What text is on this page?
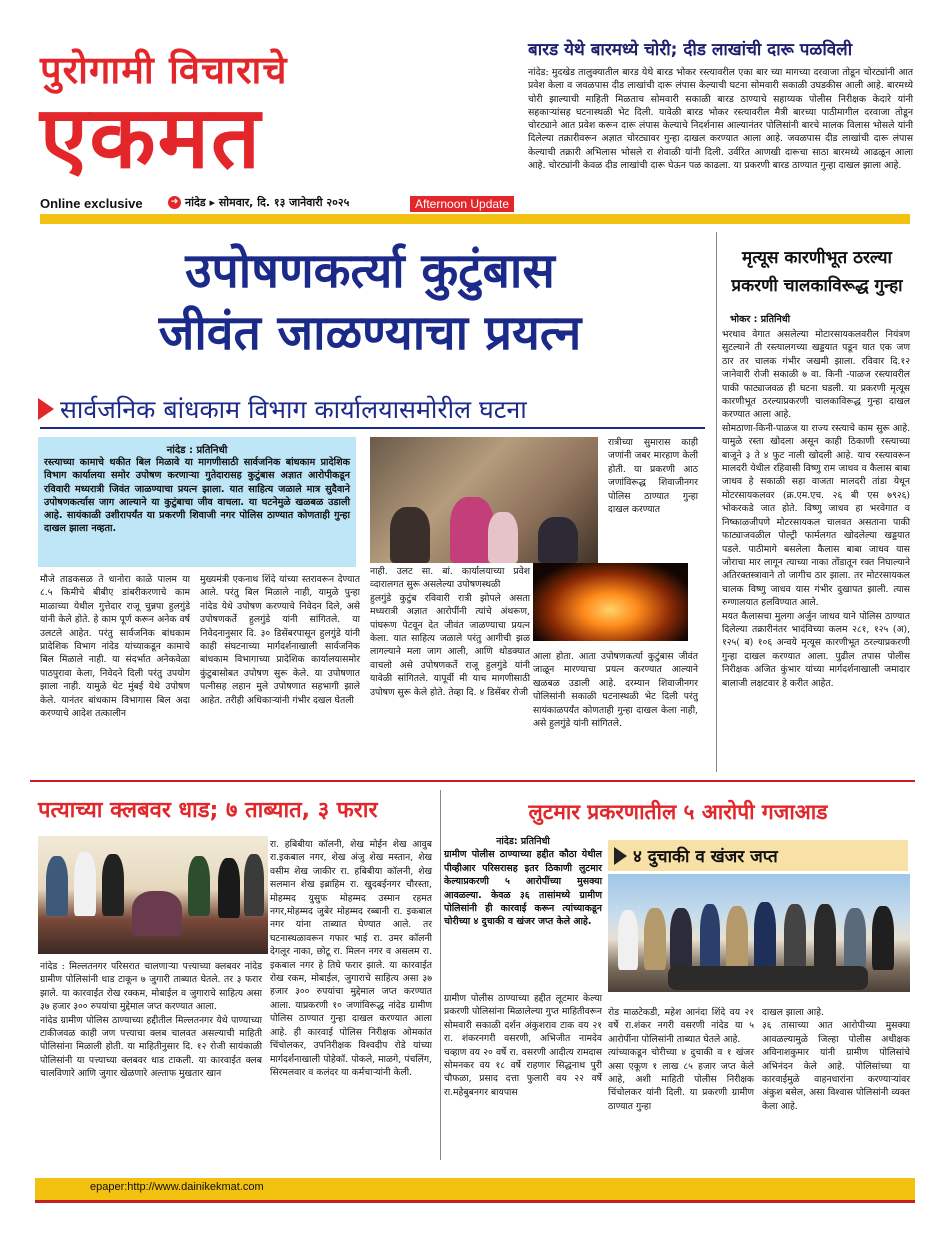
पुरोगामी विचाराचे
एकमत
Online exclusive	➜ नांदेड ▸ सोमवार, दि. १३ जानेवारी २०२५	Afternoon Update
बारड येथे बारमध्ये चोरी; दीड लाखांची दारू पळविली
नांदेड: मुदखेड तालुक्यातील बारड येथे बारड भोकर रस्त्यावरील एका बार च्या मागच्या दरवाजा तोडून चोरट्यांनी आत प्रवेश केला व जवळपास दीड लाखांची दारू लंपास केल्याची घटना सोमवारी सकाळी उघडकीस आली आहे. बारमध्ये चोरी झाल्याची माहिती मिळताच सोमवारी सकाळी बारड ठाण्याचे सहाय्यक पोलीस निरीक्षक केदारे यांनी सहकाऱ्यांसह घटनास्थळी भेट दिली. यावेळी बारड भोकर रस्त्यावरील मैत्री बारच्या पाठीमागील दरवाजा तोडून चोरट्याने आत प्रवेश करून दारू लंपास केल्याचे निदर्शनास आल्यानंतर पोलिसांनी बारचे मालक विलास भोसले यांनी दिलेल्या तक्रारीवरून अज्ञात चोरट्यावर गुन्हा दाखल करण्यात आला आहे. जवळपास दीड लाखांची दारू लंपास केल्याची तक्रारी अभिलास भोसले रा शेवाळी यांनी दिली. उर्वरित आणखी दारूचा साठा बारमध्ये आढळून आला आहे. चोरट्यांनी केवळ दीड लाखांची दारू घेऊन पळ काढला. या प्रकरणी बारड ठाण्यात गुन्हा दाखल झाला आहे.
उपोषणकर्त्या कुटुंबास
जीवंत जाळण्याचा प्रयत्न
सार्वजनिक बांधकाम विभाग कार्यालयासमोरील घटना
नांदेड : प्रतिनिधी
रस्त्याच्या कामाचे थकीत बिल मिळावे या मागणीसाठी सार्वजनिक बांधकाम प्रादेशिक विभाग कार्यालया समोर उपोषण करणाऱ्या गुतेदारासह कुटुंबास अज्ञात आरोपीकडून रविवारी मध्यरात्री जिवंत जाळण्याचा प्रयत्न झाला. यात साहित्य जळाले मात्र सुदैवाने उपोषणकर्त्यास जाग आल्याने या कुटुंबाचा जीव वाचला. या घटनेमुळे खळबळ उडाली आहे. सायंकाळी उशीरापर्यंत या प्रकरणी शिवाजी नगर पोलिस ठाण्यात कोणताही गुन्हा दाखल झाला नव्हता.
मौजे ताडकसळ ते धानोरा काळे पालम या ८.५ किमीचे बीबीए डांबरीकरणाचे काम माळाच्या येथील गुत्तेदार राजू चुन्नपा हुलगुंडे यांनी केले होते. हे काम पूर्ण करून अनेक वर्ष उलटले आहेत. परंतु सार्वजनिक बांधकाम प्रादेशिक विभाग नांदेड यांच्याकडून कामाचे बिल मिळाले नाही. या संदर्भात अनेकवेळा पाठपुरावा केला, निवेदने दिली परंतु उपयोग झाला नाही. यामुळे थेट मुंबई येथे उपोषण केले. यानंतर बांधकाम विभागास बिल अदा करण्याचे आदेश तत्कालीन
मुख्यमंत्री एकनाथ शिंदे यांच्या स्तरावरून देण्यात आले. परंतु बिल मिळाले नाही, यामुळे पुन्हा नांदेड येथे उपोषण करण्याचे निवेदन दिले, असे उपोषणकर्ते हुलगुंडे यांनी सांगितले. या निवेदनानुसार दि. ३० डिसेंबरपासून हुलगुंडे यांनी काही संघटनाच्या मार्गदर्शनाखाली सार्वजनिक बांधकाम विभागाच्या प्रादेशिक कार्यालयासमोर कुंटुबासोबत उपोषण सुरू केले. या उपोषणात पत्नीसह लहान मुले उपोषणात सहभागी झाले आहेत. तरीही अधिकाऱ्यांनी गंभीर दखल घेतली
नाही. उलट सा. बां. कार्यालयाच्या प्रवेश व्दारालगत सुरू असलेल्या उपोषणस्थळी
हुलगुंडे कुटुंब रविवारी रात्री झोपले असता मध्यरात्री अज्ञात आरोपींनी त्यांचे अंथरूण, पांघरूण पेटवून देत जीवंत जाळण्याचा प्रयत्न केला. यात साहित्य जळाले परंतु आगीची झळ लागल्याने मला जाग आली, आणि थोडक्यात वाचलो असे उपोषणकर्ते राजू हुलगुंडे यांनी यावेळी सांगितले. यापूर्वी मी याच मागणीसाठी उपोषण सुरू केले होते. तेव्हा दि. ४ डिसेंबर रोजी
रात्रीच्या सुमारास काही जणांनी जबर मारहाण केली होती. या प्रकरणी आठ जणांविरूद्ध शिवाजीनगर पोलिस ठाण्यात गुन्हा दाखल करण्यात
आला होता. आता उपोषणकर्त्या कुटुंबास जीवंत जाळून मारण्याचा प्रयत्न करण्यात आल्याने खळबळ उडाली आहे. दरम्यान शिवाजीनगर पोलिसांनी सकाळी घटनास्थळी भेट दिली परंतु सायंकाळपर्यंत कोणताही गुन्हा दाखल केला नाही, असे हुलगुंडे यांनी सांगितले.
मृत्यूस कारणीभूत ठरल्या प्रकरणी चालकाविरूद्ध गुन्हा
भोकर : प्रतिनिधी
भरधाव वेगात असलेल्या मोटारसायकलवरील नियंत्रण सुटल्याने ती रस्त्यालगच्या खड्डयात पडून यात एक जण ठार तर चालक गंभीर जखमी झाला. रविवार दि.१२ जानेवारी रोजी सकाळी ७ वा. किनी -पाळज रस्त्यावरील पाकी फाट्याजवळ ही घटना घडली. या प्रकरणी मृत्यूस कारणीभूत ठरल्याप्रकरणी चालकाविरूद्ध गुन्हा दाखल करण्यात आला आहे.
सोमठाणा-किनी-पाळज या राज्य रस्त्याचे काम सुरू आहे. यामुळे रस्ता खोदला असून काही ठिकाणी रस्त्याच्या बाजूने ३ ते ४ फुट नाली खोदली आहे. याच रस्त्यावरून मालदरी येथील रहिवासी विष्णु राम जाधव व कैलास बाबा जाधव हे सकाळी सहा वाजता मालदरी तांडा येथून मोटरसायकलवर (क्र.एम.एच. २६ बी एस ७९२६) भोकरकडे जात होते. विष्णु जाधव हा भरवेगात व निष्काळजीपणे मोटरसायकल चालवत असताना पाकी फाट्याजवळील पोल्ट्री फार्मलगत खोदलेल्या खड्डयात पडले. पाठीमागे बसलेला कैलास बाबा जाधव यास जोराचा मार लागून त्याच्या नाका तोंडातून रक्त निघाल्याने अतिरक्तस्त्रावाने तो जागीच ठार झाला. तर मोटरसायकल चालक विष्णु जाधव यास गंभीर दुखापत झाली. त्यास रुग्णालयात हलविण्यात आले.
मयत कैलासचा मुलगा अर्जुन जाधव याने पोलिस ठाण्यात दिलेल्या तक्रारीनंतर भादंविच्या कलम २८१, १२५ (अ), १२५( ब) १०६ अन्वये मृत्यूस कारणीभूत ठरल्याप्रकरणी गुन्हा दाखल करण्यात आला. पुढील तपास पोलीस निरीक्षक अजित कुंभार यांच्या मार्गदर्शनाखाली जमादार बालाजी लक्षटवार हे करीत आहेत.
पत्याच्या क्लबवर धाड; ७ ताब्यात, ३ फरार
नांदेड : मिल्लतनगर परिसरात चालणाऱ्या पत्त्याच्या क्लबवर नांदेड ग्रामीण पोलिसांनी धाड टाकून ७ जुगारी ताब्यात घेतले. तर ३ फरार झाले. या कारवाईत रोख रक्कम, मोबाईल व जुगाराचे साहित्य असा ३७ हजार ३०० रुपयांचा मुद्देमाल जप्त करण्यात आला.
नांदेड ग्रामीण पोलिस ठाण्याच्या हद्दीतील मिल्लतनगर येथे पाण्याच्या टाकीजवळ काही जण पत्त्याचा क्लब चालवत असल्याची माहिती पोलिसांना मिळाली होती. या माहितीनुसार दि. १२ रोजी सायंकाळी पोलिसांनी या पत्त्याच्या क्लबवर धाड टाकली. या कारवाईत क्लब चालविणारे आणि जुगार खेळणारे अल्ताफ मुखतार खान
रा. हबिबीया कॉलनी, शेख मोईन शेख आवुब रा.इकबाल नगर, शेख अंजु शेख मस्तान, शेख वसीम शेख जाकीर रा. हबिबीया कॉलनी, शेख सलमान शेख इब्राहिम रा. खुदबईनगर चौरस्ता, मोहम्मद युसुफ मोहम्मद उस्मान रहमत नगर,मोहम्मद जुबेर मोहम्मद रब्बानी रा. इकबाल नगर यांना ताब्यात घेण्यात आले. तर घटनास्थळावरून गफार भाई रा. उमर कॉलनी देगलूर नाका, छोटू रा. मिलन नगर व असलम रा. इकबाल नगर हे तिघे फरार झाले. या कारवाईत रोख रकम, मोबाईल, जुगाराचे साहित्य असा ३७ हजार ३०० रुपयांचा मुद्देमाल जप्त करण्यात आला. याप्रकरणी १० जणांविरूद्ध नांदेड ग्रामीण पोलिस ठाण्यात गुन्हा दाखल करण्यात आला आहे. ही कारवाई पोलिस निरीक्षक ओमकांत चिंचोलकर, उपनिरीक्षक विश्वदीप रोडे यांच्या मार्गदर्शनाखाली पोहेकॉ. पोकले, माळगे, पंचलिंग, सिरमलवार व कलंदर या कर्मचाऱ्यांनी केली.
लुटमार प्रकरणातील ५ आरोपी गजाआड
नांदेड: प्रतिनिधी
ग्रामीण पोलीस ठाण्याच्या हद्दीत कौठा येथील पीव्हीआर परिसरासह इतर ठिकाणी लुटमार केल्याप्रकरणी ५ आरोपींच्या मुसक्या आवळल्या. केवळ ३६ तासांमध्ये ग्रामीण पोलिसांनी ही कारवाई करून त्यांच्याकडून चोरीच्या ४ दुचाकी व खंजर जप्त केले आहे.
४ दुचाकी व खंजर जप्त
ग्रामीण पोलीस ठाण्याच्या हद्दीत लूटमार केल्या प्रकरणी पोलिसांना मिळालेल्या गुप्त माहितीवरून सोमवारी सकाळी दर्शन अंकुशराव टाक वय २१ रा. शंकरनगरी वसरणी, अभिजीत नामदेव चव्हाण वय २० वर्षे रा. वसरणी आदीत्य रामदास सोमनकर वय १८ वर्षे राहणार सिद्धनाथ पुरी चौफळा, प्रसाद दत्ता फुलारी वय २२ वर्षे रा.महेबुबनगर बायपास
रोड माळटेकडी, महेश आनंदा शिंदे वय २१ वर्षे रा.शंकर नगरी वसरणी नांदेड या ५ आरोपींना पोलिसांनी ताब्यात घेतले आहे.
त्यांच्याकडून चोरीच्या ४ दुचाकी व १ खंजर असा एकूण १ लाख ८५ हजार जप्त केले आहे, अशी माहिती पोलीस निरीक्षक चिंचोलकर यांनी दिली. या प्रकरणी ग्रामीण ठाण्यात गुन्हा
दाखल झाला आहे.
३६ तासाच्या आत आरोपीच्या मुसक्या आवळल्यामुळे जिल्हा पोलीस अधीक्षक अविनाशकुमार यांनी ग्रामीण पोलिसांचे अभिनंदन केले आहे. पोलिसांच्या या कारवाईमुळे वाहनधारांना करण्याऱ्यांवर अंकुश बसेल, असा विश्वास पोलिसांनी व्यक्त केला आहे.
epaper:http://www.dainikekmat.com
